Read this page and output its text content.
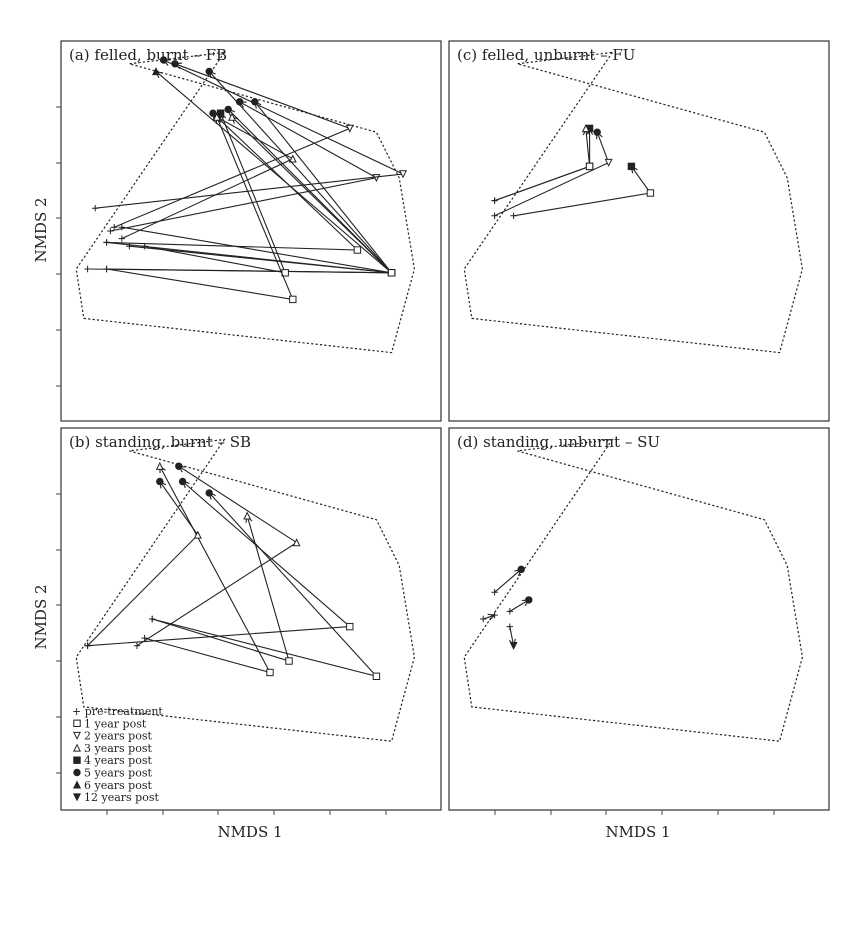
(a) felled, burnt – FB	(c) felled, unburnt – FU
(b) standing, burnt – SB	(d) standing, unburnt – SU
+ pre-treatment
1 year post
2 years post
3 years post
4 years post
5 years post
6 years post
12 years post
NMDS 2
NMDS 2
NMDS 1	NMDS 1
